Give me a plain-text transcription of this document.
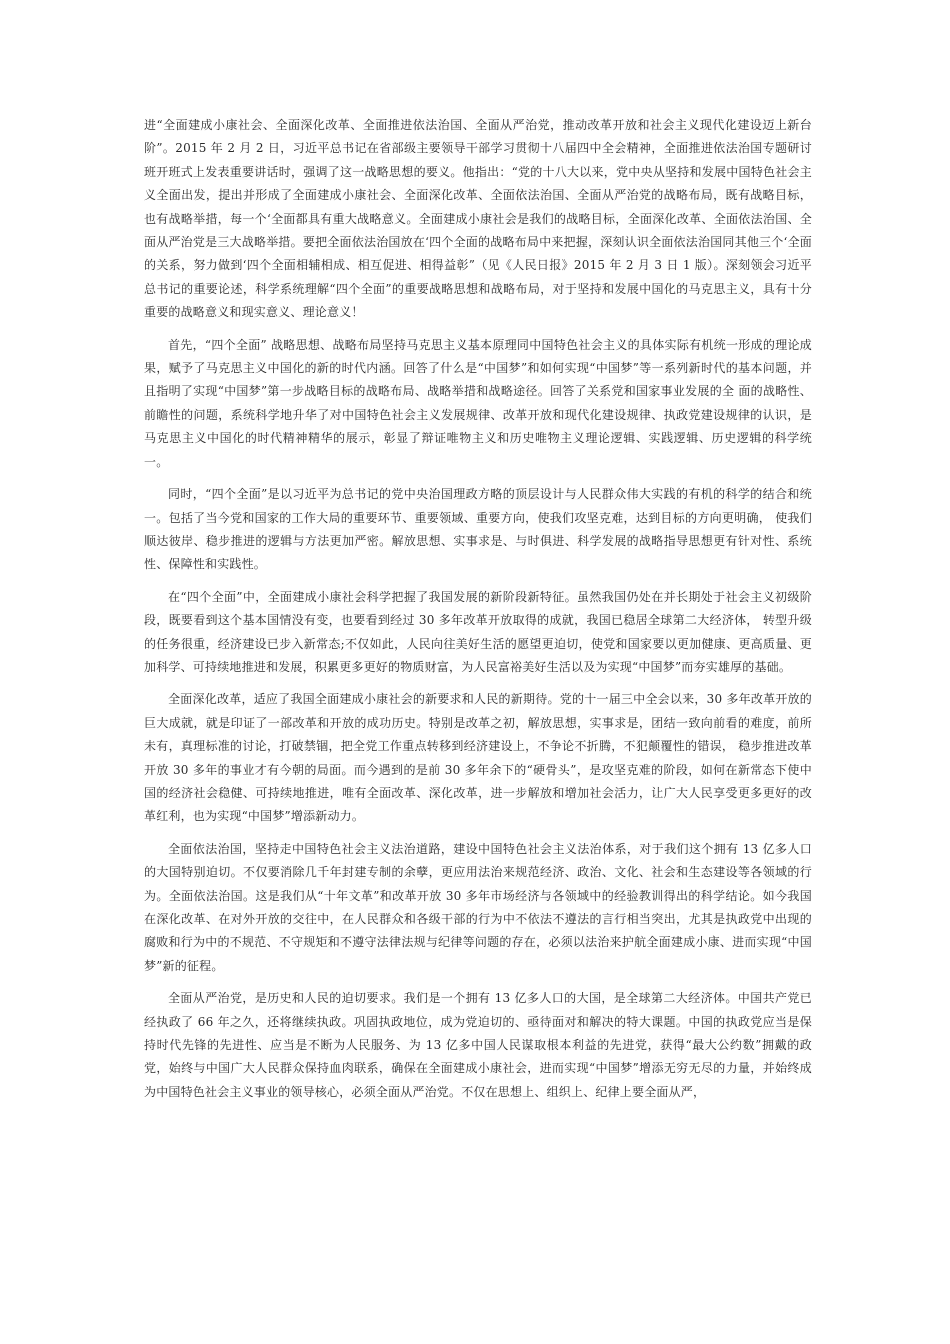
进“全面建成小康社会、全面深化改革、全面推进依法治国、全面从严治党，推动改革开放和社会主义现代化建设迈上新台阶”。2015 年 2 月 2 日，习近平总书记在省部级主要领导干部学习贯彻十八届四中全会精神，全面推进依法治国专题研讨班开班式上发表重要讲话时，强调了这一战略思想的要义。他指出：“党的十八大以来，党中央从坚持和发展中国特色社会主义全面出发，提出并形成了全面建成小康社会、全面深化改革、全面依法治国、全面从严治党的战略布局，既有战略目标，也有战略举措，每一个‘全面都具有重大战略意义。全面建成小康社会是我们的战略目标，全面深化改革、全面依法治国、全面从严治党是三大战略举措。要把全面依法治国放在‘四个全面的战略布局中来把握，深刻认识全面依法治国同其他三个‘全面的关系，努力做到‘四个全面相辅相成、相互促进、相得益彰”（见《人民日报》2015 年 2 月 3 日 1 版）。深刻领会习近平总书记的重要论述，科学系统理解“四个全面”的重要战略思想和战略布局，对于坚持和发展中国化的马克思主义，具有十分重要的战略意义和现实意义、理论意义！

首先，“四个全面” 战略思想、战略布局坚持马克思主义基本原理同中国特色社会主义的具体实际有机统一形成的理论成果，赋予了马克思主义中国化的新的时代内涵。回答了什么是“中国梦”和如何实现“中国梦”等一系列新时代的基本问题，并且指明了实现“中国梦”第一步战略目标的战略布局、战略举措和战略途径。回答了关系党和国家事业发展的全 面的战略性、前瞻性的问题，系统科学地升华了对中国特色社会主义发展规律、改革开放和现代化建设规律、执政党建设规律的认识，是马克思主义中国化的时代精神精华的展示，彰显了辩证唯物主义和历史唯物主义理论逻辑、实践逻辑、历史逻辑的科学统一。

同时，“四个全面”是以习近平为总书记的党中央治国理政方略的顶层设计与人民群众伟大实践的有机的科学的结合和统一。包括了当今党和国家的工作大局的重要环节、重要领域、重要方向，使我们攻坚克难，达到目标的方向更明确， 使我们顺达彼岸、稳步推进的逻辑与方法更加严密。解放思想、实事求是、与时俱进、科学发展的战略指导思想更有针对性、系统性、保障性和实践性。

在“四个全面”中，全面建成小康社会科学把握了我国发展的新阶段新特征。虽然我国仍处在并长期处于社会主义初级阶段，既要看到这个基本国情没有变，也要看到经过 30 多年改革开放取得的成就，我国已稳居全球第二大经济体， 转型升级的任务很重，经济建设已步入新常态;不仅如此，人民向往美好生活的愿望更迫切，使党和国家要以更加健康、更高质量、更加科学、可持续地推进和发展，积累更多更好的物质财富，为人民富裕美好生活以及为实现“中国梦”而夯实雄厚的基础。

全面深化改革，适应了我国全面建成小康社会的新要求和人民的新期待。党的十一届三中全会以来，30 多年改革开放的巨大成就，就是印证了一部改革和开放的成功历史。特别是改革之初，解放思想，实事求是，团结一致向前看的难度，前所未有，真理标准的讨论，打破禁锢，把全党工作重点转移到经济建设上，不争论不折腾，不犯颠覆性的错误， 稳步推进改革开放 30 多年的事业才有今朝的局面。而今遇到的是前 30 多年余下的“硬骨头”，是攻坚克难的阶段，如何在新常态下使中国的经济社会稳健、可持续地推进，唯有全面改革、深化改革，进一步解放和增加社会活力，让广大人民享受更多更好的改革红利，也为实现“中国梦”增添新动力。

全面依法治国，坚持走中国特色社会主义法治道路，建设中国特色社会主义法治体系，对于我们这个拥有 13 亿多人口的大国特别迫切。不仅要消除几千年封建专制的余孽，更应用法治来规范经济、政治、文化、社会和生态建设等各领域的行为。全面依法治国。这是我们从“十年文革”和改革开放 30 多年市场经济与各领域中的经验教训得出的科学结论。如今我国在深化改革、在对外开放的交往中，在人民群众和各级干部的行为中不依法不遵法的言行相当突出，尤其是执政党中出现的腐败和行为中的不规范、不守规矩和不遵守法律法规与纪律等问题的存在，必须以法治来护航全面建成小康、进而实现“中国梦”新的征程。

全面从严治党，是历史和人民的迫切要求。我们是一个拥有 13 亿多人口的大国，是全球第二大经济体。中国共产党已经执政了 66 年之久，还将继续执政。巩固执政地位，成为党迫切的、亟待面对和解决的特大课题。中国的执政党应当是保持时代先锋的先进性、应当是不断为人民服务、为 13 亿多中国人民谋取根本利益的先进党，获得“最大公约数”拥戴的政党，始终与中国广大人民群众保持血肉联系，确保在全面建成小康社会，进而实现“中国梦”增添无穷无尽的力量，并始终成为中国特色社会主义事业的领导核心，必须全面从严治党。不仅在思想上、组织上、纪律上要全面从严，
